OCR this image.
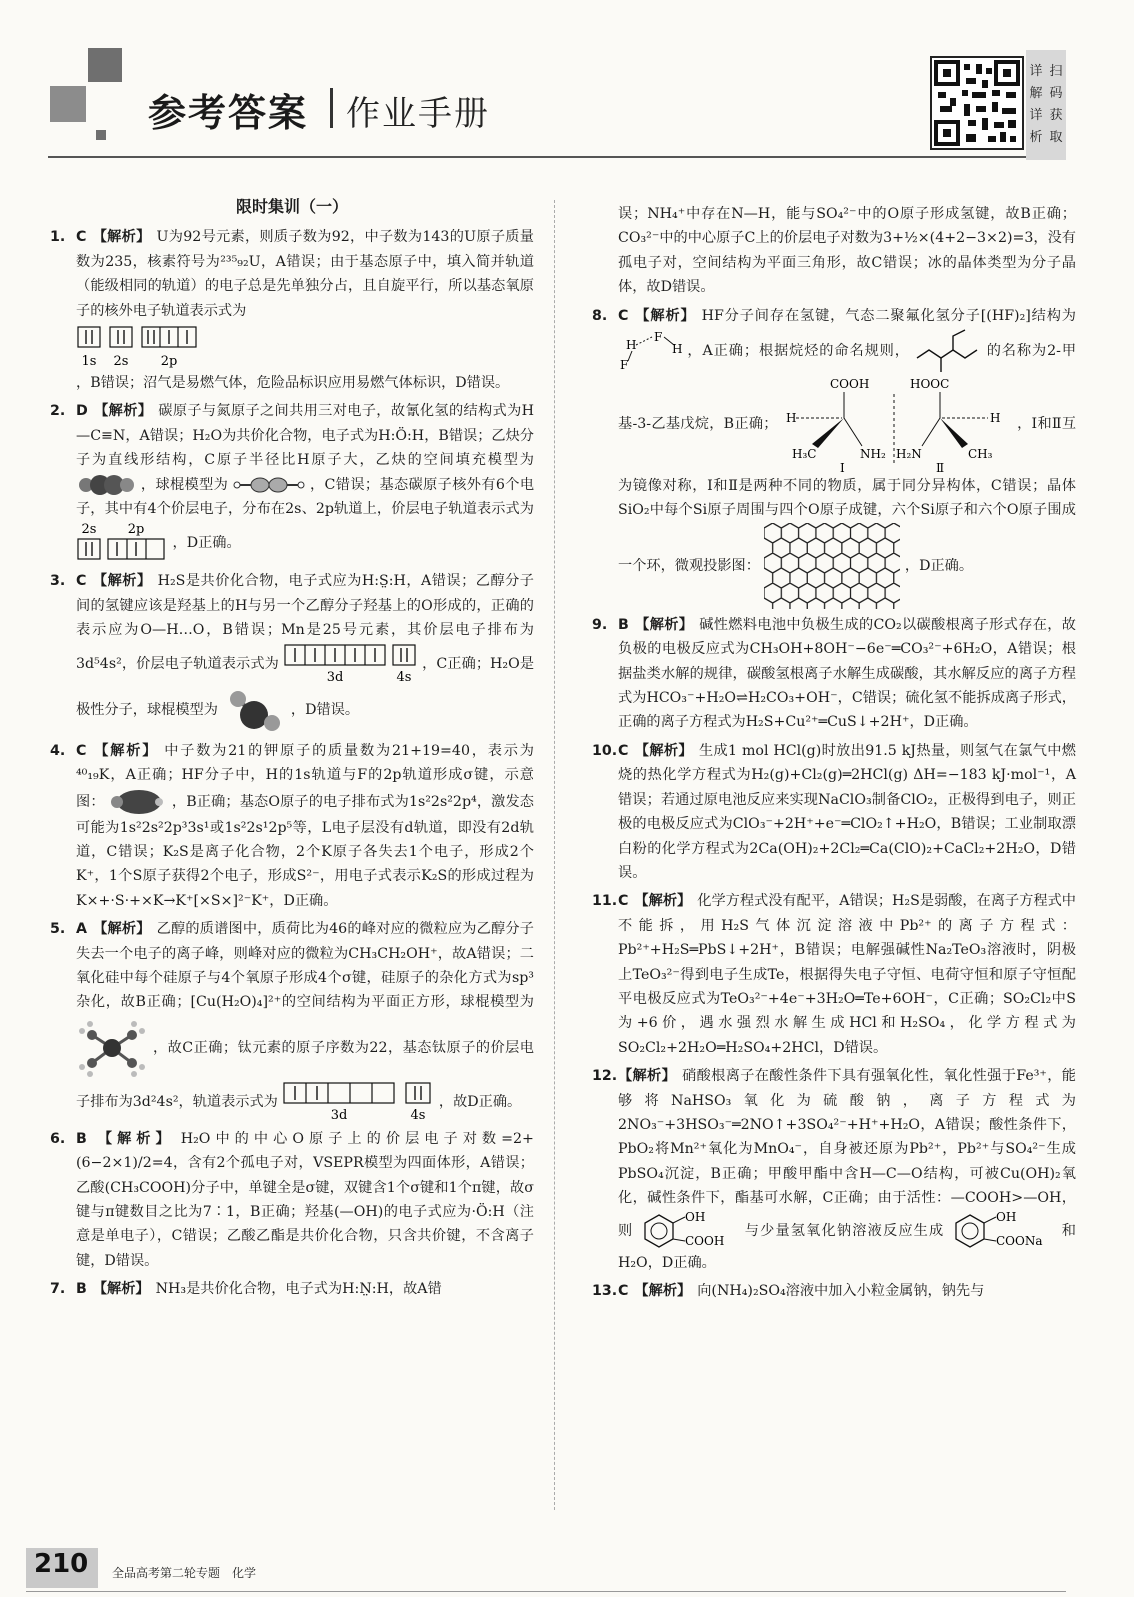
参考答案 作业手册
详 扫
解 码
详 获
析 取
限时集训（一）
1. C 【 解析 】 U为92号元素，则质子数为92，中子数为143的U原子质量数为235，核素符号为²³⁵₉₂U，A错误；由于基态原子中，填入简并轨道（能级相同的轨道）的电子总是先单独分占，且自旋平行，所以基态氧原子的核外电子轨道表示式为
1s 2s 2p
，B错误；沼气是易燃气体，危险品标识应用易燃气体标识，D错误。
2. D 【 解析 】 碳原子与氮原子之间共用三对电子，故氰化氢的结构式为H—C≡N，A错误；H₂O为共价化合物，电子式为H:Ö:H，B错误；乙炔分子为直线形结构，C原子半径比H原子大，乙炔的空间填充模型为  ，球棍模型为	，C错误；基态碳原子核外有6个电子，其中有4个价层电子，分布在2s、2p轨道上，价层电子轨道表示式为
2s 2p
，D正确。
3. C 【 解析 】 H₂S是共价化合物，电子式应为H:S̤:H，A错误；乙醇分子间的氢键应该是羟基上的H与另一个乙醇分子羟基上的O形成的，正确的表示应为O—H…O，B错误；Mn是25号元素，其价层电子排布为3d⁵4s²，价层电子轨道表示式为
3d	4s
，C正确；H₂O是极性分子，球棍模型为	，D错误。
4. C 【 解析 】 中子数为21的钾原子的质量数为21+19=40，表示为⁴⁰₁₉K，A正确；HF分子中，H的1s轨道与F的2p轨道形成σ键，示意图：	，B正确；基态O原子的电子排布式为1s²2s²2p⁴，激发态可能为1s²2s²2p³3s¹或1s²2s¹2p⁵等，L电子层没有d轨道，即没有2d轨道，C错误；K₂S是离子化合物，2个K原子各失去1个电子，形成2个K⁺，1个S原子获得2个电子，形成S²⁻，用电子式表示K₂S的形成过程为K×+·S·+×K→K⁺[×S×]²⁻K⁺，D正确。
5. A 【 解析 】 乙醇的质谱图中，质荷比为46的峰对应的微粒应为乙醇分子失去一个电子的离子峰，则峰对应的微粒为CH₃CH₂OH⁺，故A错误；二氧化硅中每个硅原子与4个氧原子形成4个σ键，硅原子的杂化方式为sp³杂化，故B正确；[Cu(H₂O)₄]²⁺的空间结构为平面正方形，球棍模型为  ，故C正确；钛元素的原子序数为22，基态钛原子的价层电子排布为3d²4s²，轨道表示式为
3d	4s
，故D正确。
6. B 【 解析 】 H₂O中的中心O原子上的价层电子对数=2+(6−2×1)/2=4，含有2个孤电子对，VSEPR模型为四面体形，A错误；乙酸(CH₃COOH)分子中，单键全是σ键，双键含1个σ键和1个π键，故σ键与π键数目之比为7∶1，B正确；羟基(—OH)的电子式应为·Ö:H（注意是单电子），C错误；乙酸乙酯是共价化合物，只含共价键，不含离子键，D错误。
7. B 【 解析 】 NH₃是共价化合物，电子式为H:N̤:H，故A错
误；NH₄⁺中存在N—H，能与SO₄²⁻中的O原子形成氢键，故B正确；CO₃²⁻中的中心原子C上的价层电子对数为3+½×(4+2−3×2)=3，没有孤电子对，空间结构为平面三角形，故C错误；冰的晶体类型为分子晶体，故D错误。
8. C 【 解析 】 HF分子间存在氢键，气态二聚氟化氢分子[(HF)₂]结构为
H
F
H
F
，A正确；根据烷烃的命名规则，	的名称为2-甲基-3-乙基戊烷，B正确；
COOH	HOOC
H
H₃C	NH₂ H₂N	CH₃
H
Ⅰ	Ⅱ
，Ⅰ和Ⅱ互为镜像对称，Ⅰ和Ⅱ是两种不同的物质，属于同分异构体，C错误；晶体SiO₂中每个Si原子周围与四个O原子成键，六个Si原子和六个O原子围成一个环，微观投影图：	，D正确。
9. B 【 解析 】 碱性燃料电池中负极生成的CO₂以碳酸根离子形式存在，故负极的电极反应式为CH₃OH+8OH⁻−6e⁻═CO₃²⁻+6H₂O，A错误；根据盐类水解的规律，碳酸氢根离子水解生成碳酸，其水解反应的离子方程式为HCO₃⁻+H₂O⇌H₂CO₃+OH⁻，C错误；硫化氢不能拆成离子形式，正确的离子方程式为H₂S+Cu²⁺═CuS↓+2H⁺，D正确。
10. C 【 解析 】 生成1 mol HCl(g)时放出91.5 kJ热量，则氢气在氯气中燃烧的热化学方程式为H₂(g)+Cl₂(g)═2HCl(g) ΔH=−183 kJ·mol⁻¹，A错误；若通过原电池反应来实现NaClO₃制备ClO₂，正极得到电子，则正极的电极反应式为ClO₃⁻+2H⁺+e⁻═ClO₂↑+H₂O，B错误；工业制取漂白粉的化学方程式为2Ca(OH)₂+2Cl₂═Ca(ClO)₂+CaCl₂+2H₂O，D错误。
11. C 【 解析 】 化学方程式没有配平，A错误；H₂S是弱酸，在离子方程式中不能拆，用H₂S气体沉淀溶液中Pb²⁺的离子方程式：Pb²⁺+H₂S═PbS↓+2H⁺，B错误；电解强碱性Na₂TeO₃溶液时，阴极上TeO₃²⁻得到电子生成Te，根据得失电子守恒、电荷守恒和原子守恒配平电极反应式为TeO₃²⁻+4e⁻+3H₂O═Te+6OH⁻，C正确；SO₂Cl₂中S为+6价，遇水强烈水解生成HCl和H₂SO₄，化学方程式为SO₂Cl₂+2H₂O═H₂SO₄+2HCl，D错误。
12.	【 解析 】 硝酸根离子在酸性条件下具有强氧化性，氧化性强于Fe³⁺，能够将NaHSO₃氧化为硫酸钠，离子方程式为2NO₃⁻+3HSO₃⁻═2NO↑+3SO₄²⁻+H⁺+H₂O，A错误；酸性条件下，PbO₂将Mn²⁺氧化为MnO₄⁻，自身被还原为Pb²⁺，Pb²⁺与SO₄²⁻生成PbSO₄沉淀，B正确；甲酸甲酯中含H—C—O结构，可被Cu(OH)₂氧化，碱性条件下，酯基可水解，C正确；由于活性：—COOH>—OH，则
OH
COOH
与少量氢氧化钠溶液反应生成
OH
COONa
和H₂O，D正确。
13. C 【 解析 】 向(NH₄)₂SO₄溶液中加入小粒金属钠，钠先与
210 全品高考第二轮专题　化学
